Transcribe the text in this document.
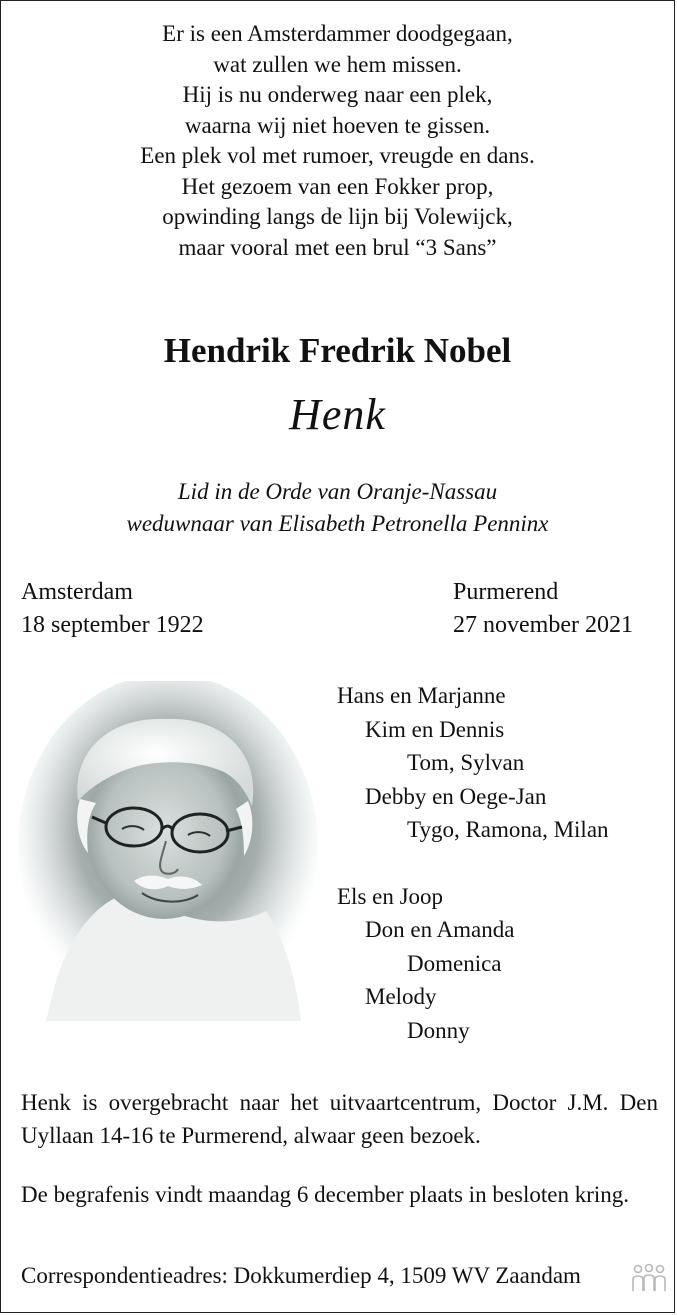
Er is een Amsterdammer doodgegaan,
wat zullen we hem missen.
Hij is nu onderweg naar een plek,
waarna wij niet hoeven te gissen.
Een plek vol met rumoer, vreugde en dans.
Het gezoem van een Fokker prop,
opwinding langs de lijn bij Volewijck,
maar vooral met een brul “3 Sans”
Hendrik Fredrik Nobel
Henk
Lid in de Orde van Oranje-Nassau
weduwnaar van Elisabeth Petronella Penninx
Amsterdam
18 september 1922
Purmerend
27 november 2021
Hans en Marjanne
Kim en Dennis
Tom, Sylvan
Debby en Oege-Jan
Tygo, Ramona, Milan
Els en Joop
Don en Amanda
Domenica
Melody
Donny
Henk is overgebracht naar het uitvaartcentrum, Doctor J.M. Den Uyllaan 14-16 te Purmerend, alwaar geen bezoek.
De begrafenis vindt maandag 6 december plaats in besloten kring.
Correspondentieadres: Dokkumerdiep 4, 1509 WV Zaandam
